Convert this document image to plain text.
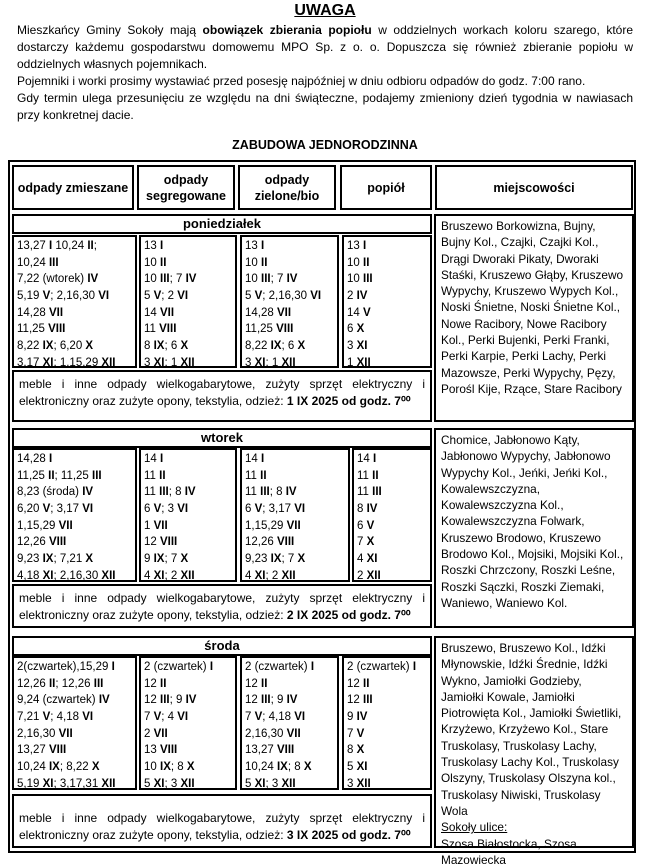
UWAGA

Mieszkańcy Gminy Sokoły mają obowiązek zbierania popiołu w oddzielnych workach koloru szarego, które dostarczy każdemu gospodarstwu domowemu MPO Sp. z o. o. Dopuszcza się również zbieranie popiołu w oddzielnych własnych pojemnikach.

Pojemniki i worki prosimy wystawiać przed posesję najpóźniej w dniu odbioru odpadów do godz. 7:00 rano.

Gdy termin ulega przesunięciu ze względu na dni świąteczne, podajemy zmieniony dzień tygodnia w nawiasach przy konkretnej dacie.

ZABUDOWA JEDNORODZINNA
odpady zmieszane
odpady segregowane
odpady zielone/bio
popiół	miejscowości
poniedziałek
13,27 I 10,24 II;
10,24 III
7,22 (wtorek) IV
5,19 V; 2,16,30 VI
14,28 VII
11,25 VIII
8,22 IX; 6,20 X
3,17 XI; 1,15,29 XII
13 I
10 II
10 III; 7 IV
5 V; 2 VI
14 VII
11 VIII
8 IX; 6 X
3 XI; 1 XII
13 I
10 II
10 III; 7 IV
5 V; 2,16,30 VI
14,28 VII
11,25 VIII
8,22 IX; 6 X
3 XI; 1 XII
13 I
10 II
10 III
2 IV
14 V
6 X
3 XI
1 XII
meble i inne odpady wielkogabarytowe, zużyty sprzęt elektryczny i elektroniczny oraz zużyte opony, tekstylia, odzież: 1 IX 2025 od godz. 7⁰⁰
Bruszewo Borkowizna, Bujny, Bujny Kol., Czajki, Czajki Kol., Drągi Dworaki Pikaty, Dworaki Staśki, Kruszewo Głąby, Kruszewo Wypychy, Kruszewo Wypych Kol., Noski Śnietne, Noski Śnietne Kol., Nowe Racibory, Nowe Racibory Kol., Perki Bujenki, Perki Franki, Perki Karpie, Perki Lachy, Perki Mazowsze, Perki Wypychy, Pęzy, Porośl Kije, Rzące, Stare Racibory
wtorek
14,28 I
11,25 II; 11,25 III
8,23 (środa) IV
6,20 V; 3,17 VI
1,15,29 VII
12,26 VIII
9,23 IX; 7,21 X
4,18 XI; 2,16,30 XII
14 I
11 II
11 III; 8 IV
6 V; 3 VI
1 VII
12 VIII
9 IX; 7 X
4 XI; 2 XII
14 I
11 II
11 III; 8 IV
6 V; 3,17 VI
1,15,29 VII
12,26 VIII
9,23 IX; 7 X
4 XI; 2 XII
14 I
11 II
11 III
8 IV
6 V
7 X
4 XI
2 XII
meble i inne odpady wielkogabarytowe, zużyty sprzęt elektryczny i elektroniczny oraz zużyte opony, tekstylia, odzież: 2 IX 2025 od godz. 7⁰⁰
Chomice, Jabłonowo Kąty, Jabłonowo Wypychy, Jabłonowo Wypychy Kol., Jeńki, Jeńki Kol., Kowalewszczyzna, Kowalewszczyzna Kol., Kowalewszczyzna Folwark, Kruszewo Brodowo, Kruszewo Brodowo Kol., Mojsiki, Mojsiki Kol., Roszki Chrzczony, Roszki Leśne, Roszki Sączki, Roszki Ziemaki, Waniewo, Waniewo Kol.
środa
2(czwartek),15,29 I
12,26 II; 12,26 III
9,24 (czwartek) IV
7,21 V; 4,18 VI
2,16,30 VII
13,27 VIII
10,24 IX; 8,22 X
5,19 XI; 3,17,31 XII
2 (czwartek) I
12 II
12 III; 9 IV
7 V; 4 VI
2 VII
13 VIII
10 IX; 8 X
5 XI; 3 XII
2 (czwartek) I
12 II
12 III; 9 IV
7 V; 4,18 VI
2,16,30 VII
13,27 VIII
10,24 IX; 8 X
5 XI; 3 XII
2 (czwartek) I
12 II
12 III
9 IV
7 V
8 X
5 XI
3 XII
meble i inne odpady wielkogabarytowe, zużyty sprzęt elektryczny i elektroniczny oraz zużyte opony, tekstylia, odzież: 3 IX 2025 od godz. 7⁰⁰
Bruszewo, Bruszewo Kol., Idźki Młynowskie, Idźki Średnie, Idźki Wykno, Jamiołki Godzieby, Jamiołki Kowale, Jamiołki Piotrowięta Kol., Jamiołki Świetliki, Krzyżewo, Krzyżewo Kol., Stare Truskolasy, Truskolasy Lachy, Truskolasy Lachy Kol., Truskolasy Olszyny, Truskolasy Olszyna kol., Truskolasy Niwiski, Truskolasy Wola
Sokoły ulice:
Szosa Białostocka, Szosa Mazowiecka
